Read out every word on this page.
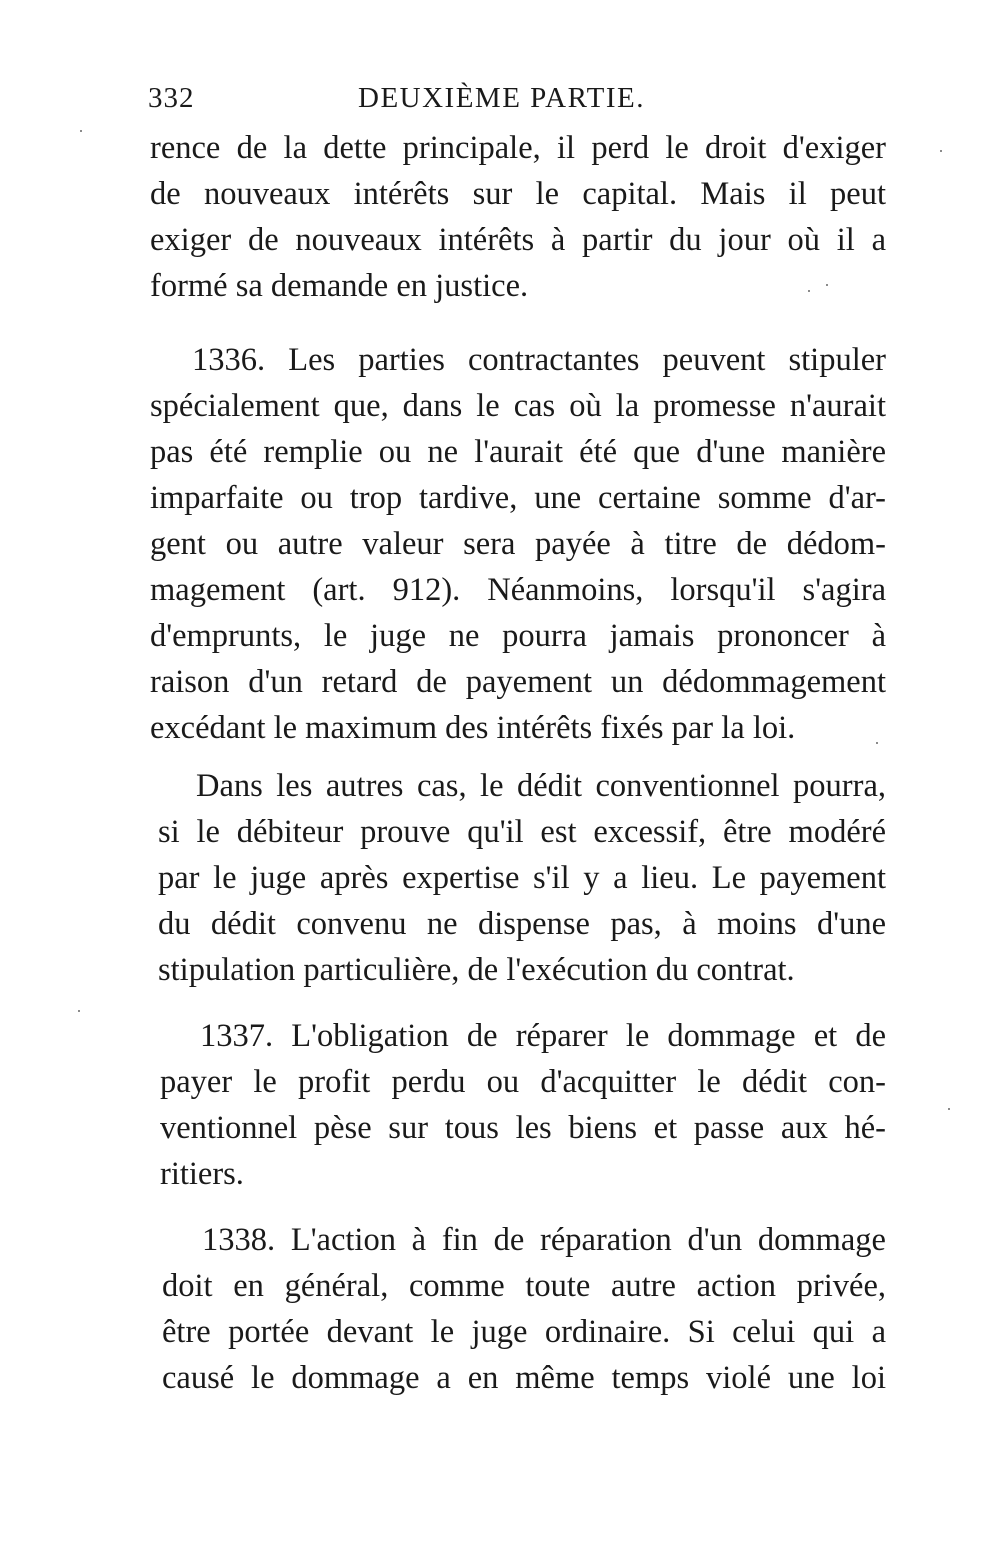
332	DEUXIÈME PARTIE.
rence de la dette principale, il perd le droit d'exiger
de nouveaux intérêts sur le capital. Mais il peut
exiger de nouveaux intérêts à partir du jour où il a
formé sa demande en justice.
1336. Les parties contractantes peuvent stipuler
spécialement que, dans le cas où la promesse n'aurait
pas été remplie ou ne l'aurait été que d'une manière
imparfaite ou trop tardive, une certaine somme d'ar-
gent ou autre valeur sera payée à titre de dédom-
magement (art. 912). Néanmoins, lorsqu'il s'agira
d'emprunts, le juge ne pourra jamais prononcer à
raison d'un retard de payement un dédommagement
excédant le maximum des intérêts fixés par la loi.
Dans les autres cas, le dédit conventionnel pourra,
si le débiteur prouve qu'il est excessif, être modéré
par le juge après expertise s'il y a lieu. Le payement
du dédit convenu ne dispense pas, à moins d'une
stipulation particulière, de l'exécution du contrat.
1337. L'obligation de réparer le dommage et de
payer le profit perdu ou d'acquitter le dédit con-
ventionnel pèse sur tous les biens et passe aux hé-
ritiers.
1338. L'action à fin de réparation d'un dommage
doit en général, comme toute autre action privée,
être portée devant le juge ordinaire. Si celui qui a
causé le dommage a en même temps violé une loi
